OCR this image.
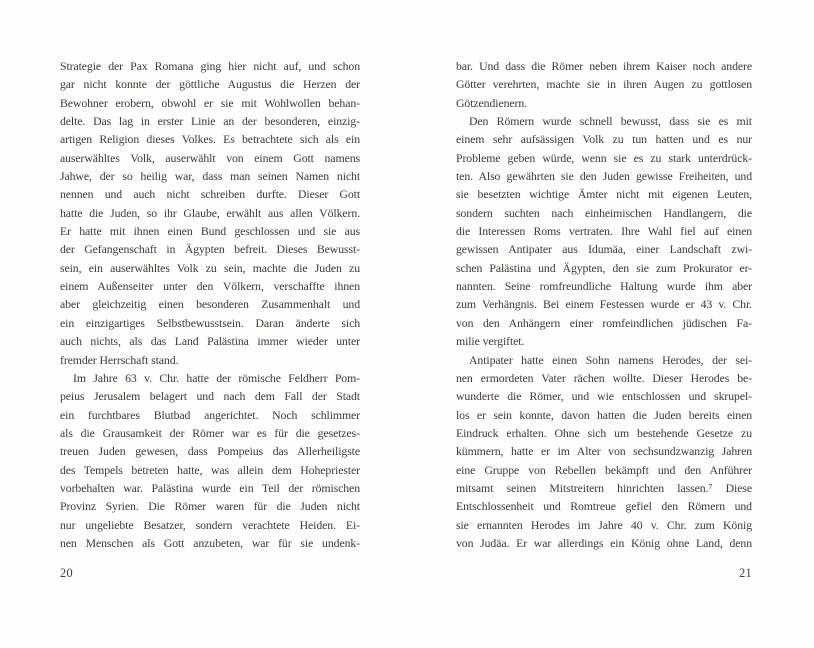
Strategie der Pax Romana ging hier nicht auf, und schon
gar nicht konnte der göttliche Augustus die Herzen der
Bewohner erobern, obwohl er sie mit Wohlwollen behan-
delte. Das lag in erster Linie an der besonderen, einzig-
artigen Religion dieses Volkes. Es betrachtete sich als ein
auserwähltes Volk, auserwählt von einem Gott namens
Jahwe, der so heilig war, dass man seinen Namen nicht
nennen und auch nicht schreiben durfte. Dieser Gott
hatte die Juden, so ihr Glaube, erwählt aus allen Völkern.
Er hatte mit ihnen einen Bund geschlossen und sie aus
der Gefangenschaft in Ägypten befreit. Dieses Bewusst-
sein, ein auserwähltes Volk zu sein, machte die Juden zu
einem Außenseiter unter den Völkern, verschaffte ihnen
aber gleichzeitig einen besonderen Zusammenhalt und
ein einzigartiges Selbstbewusstsein. Daran änderte sich
auch nichts, als das Land Palästina immer wieder unter
fremder Herrschaft stand.
Im Jahre 63 v. Chr. hatte der römische Feldherr Pom-
peius Jerusalem belagert und nach dem Fall der Stadt
ein furchtbares Blutbad angerichtet. Noch schlimmer
als die Grausamkeit der Römer war es für die gesetzes-
treuen Juden gewesen, dass Pompeius das Allerheiligste
des Tempels betreten hatte, was allein dem Hohepriester
vorbehalten war. Palästina wurde ein Teil der römischen
Provinz Syrien. Die Römer waren für die Juden nicht
nur ungeliebte Besatzer, sondern verachtete Heiden. Ei-
nen Menschen als Gott anzubeten, war für sie undenk-
bar. Und dass die Römer neben ihrem Kaiser noch andere
Götter verehrten, machte sie in ihren Augen zu gottlosen
Götzendienern.
Den Römern wurde schnell bewusst, dass sie es mit
einem sehr aufsässigen Volk zu tun hatten und es nur
Probleme geben würde, wenn sie es zu stark unterdrück-
ten. Also gewährten sie den Juden gewisse Freiheiten, und
sie besetzten wichtige Ämter nicht mit eigenen Leuten,
sondern suchten nach einheimischen Handlangern, die
die Interessen Roms vertraten. Ihre Wahl fiel auf einen
gewissen Antipater aus Idumäa, einer Landschaft zwi-
schen Palästina und Ägypten, den sie zum Prokurator er-
nannten. Seine romfreundliche Haltung wurde ihm aber
zum Verhängnis. Bei einem Festessen wurde er 43 v. Chr.
von den Anhängern einer romfeindlichen jüdischen Fa-
milie vergiftet.
Antipater hatte einen Sohn namens Herodes, der sei-
nen ermordeten Vater rächen wollte. Dieser Herodes be-
wunderte die Römer, und wie entschlossen und skrupel-
los er sein konnte, davon hatten die Juden bereits einen
Eindruck erhalten. Ohne sich um bestehende Gesetze zu
kümmern, hatte er im Alter von sechsundzwanzig Jahren
eine Gruppe von Rebellen bekämpft und den Anführer
mitsamt seinen Mitstreitern hinrichten lassen.⁷ Diese
Entschlossenheit und Romtreue gefiel den Römern und
sie ernannten Herodes im Jahre 40 v. Chr. zum König
von Judäa. Er war allerdings ein König ohne Land, denn
20	21
